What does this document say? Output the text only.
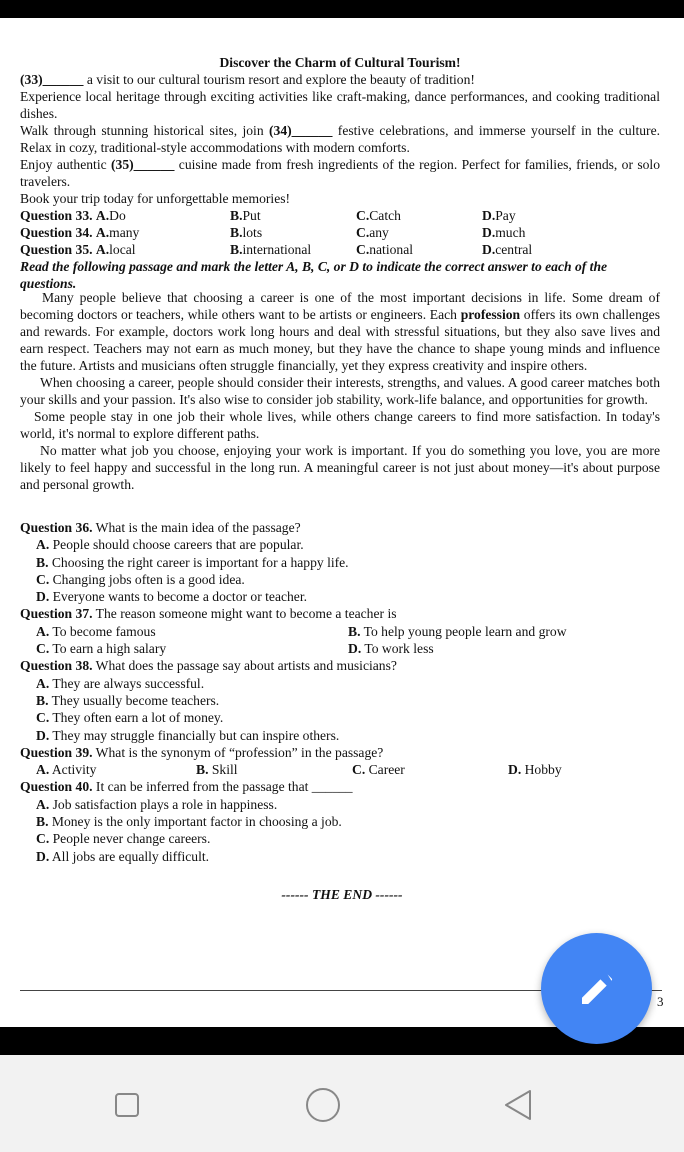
Discover the Charm of Cultural Tourism!
(33)______ a visit to our cultural tourism resort and explore the beauty of tradition!
Experience local heritage through exciting activities like craft-making, dance performances, and cooking traditional dishes.
Walk through stunning historical sites, join (34)______ festive celebrations, and immerse yourself in the culture. Relax in cozy, traditional-style accommodations with modern comforts.
Enjoy authentic (35)______ cuisine made from fresh ingredients of the region. Perfect for families, friends, or solo travelers.
Book your trip today for unforgettable memories!
Question 33. A.Do	B.Put	C.Catch	D.Pay
Question 34. A.many	B.lots	C.any	D.much
Question 35. A.local	B.international	C.national	D.central
Read the following passage and mark the letter A, B, C, or D to indicate the correct answer to each of the questions.
Many people believe that choosing a career is one of the most important decisions in life. Some dream of becoming doctors or teachers, while others want to be artists or engineers. Each profession offers its own challenges and rewards. For example, doctors work long hours and deal with stressful situations, but they also save lives and earn respect. Teachers may not earn as much money, but they have the chance to shape young minds and influence the future. Artists and musicians often struggle financially, yet they express creativity and inspire others.
When choosing a career, people should consider their interests, strengths, and values. A good career matches both your skills and your passion. It's also wise to consider job stability, work-life balance, and opportunities for growth.
Some people stay in one job their whole lives, while others change careers to find more satisfaction. In today's world, it's normal to explore different paths.
No matter what job you choose, enjoying your work is important. If you do something you love, you are more likely to feel happy and successful in the long run. A meaningful career is not just about money—it's about purpose and personal growth.
Question 36. What is the main idea of the passage?
A. People should choose careers that are popular.
B. Choosing the right career is important for a happy life.
C. Changing jobs often is a good idea.
D. Everyone wants to become a doctor or teacher.
Question 37. The reason someone might want to become a teacher is
A. To become famous	B. To help young people learn and grow
C. To earn a high salary	D. To work less
Question 38. What does the passage say about artists and musicians?
A. They are always successful.
B. They usually become teachers.
C. They often earn a lot of money.
D. They may struggle financially but can inspire others.
Question 39. What is the synonym of “profession” in the passage?
A. Activity	B. Skill	C. Career	D. Hobby
Question 40. It can be inferred from the passage that ______
A. Job satisfaction plays a role in happiness.
B. Money is the only important factor in choosing a job.
C. People never change careers.
D. All jobs are equally difficult.
------ THE END ------
3
